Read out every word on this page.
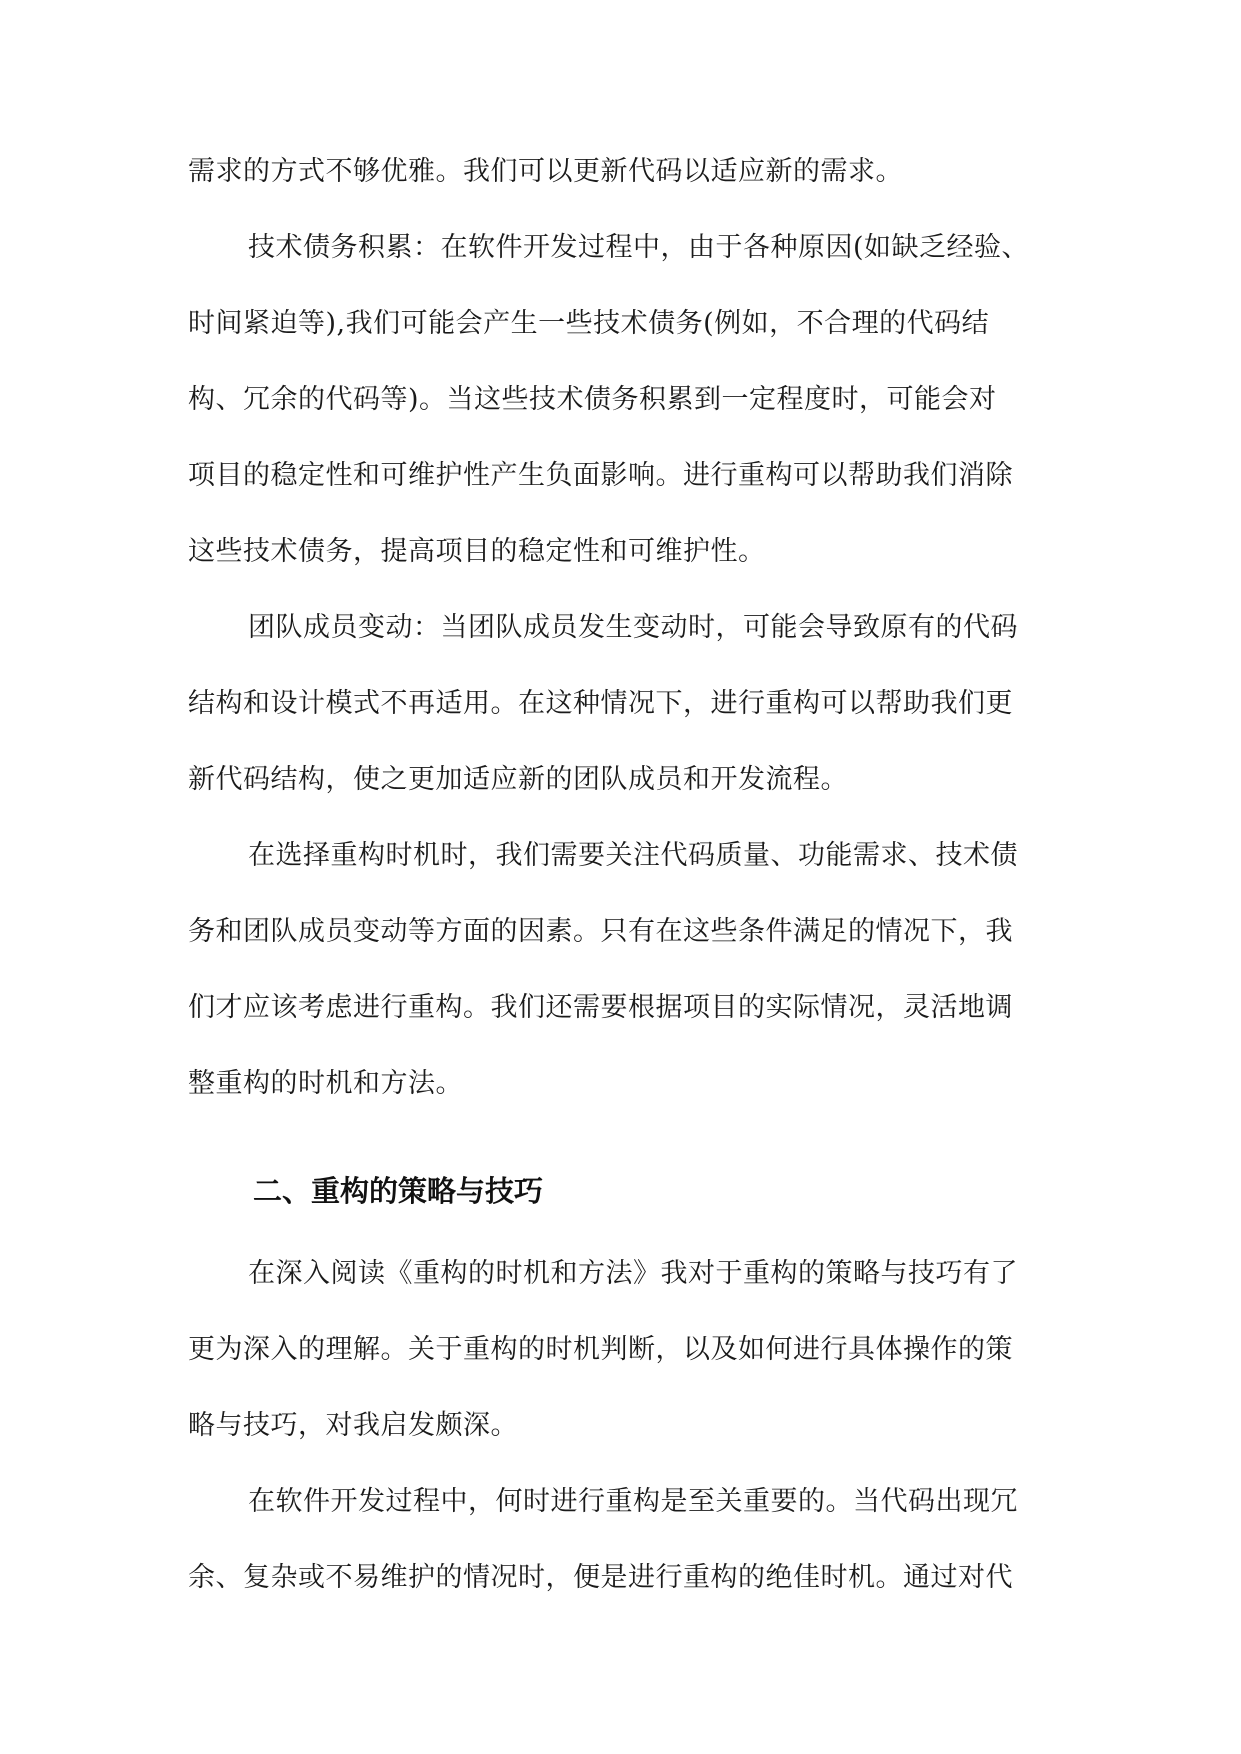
需求的方式不够优雅。我们可以更新代码以适应新的需求。
技术债务积累：在软件开发过程中，由于各种原因(如缺乏经验、
时间紧迫等),我们可能会产生一些技术债务(例如，不合理的代码结
构、冗余的代码等)。当这些技术债务积累到一定程度时，可能会对
项目的稳定性和可维护性产生负面影响。进行重构可以帮助我们消除
这些技术债务，提高项目的稳定性和可维护性。
团队成员变动：当团队成员发生变动时，可能会导致原有的代码
结构和设计模式不再适用。在这种情况下，进行重构可以帮助我们更
新代码结构，使之更加适应新的团队成员和开发流程。
在选择重构时机时，我们需要关注代码质量、功能需求、技术债
务和团队成员变动等方面的因素。只有在这些条件满足的情况下，我
们才应该考虑进行重构。我们还需要根据项目的实际情况，灵活地调
整重构的时机和方法。
二、重构的策略与技巧
在深入阅读《重构的时机和方法》我对于重构的策略与技巧有了
更为深入的理解。关于重构的时机判断，以及如何进行具体操作的策
略与技巧，对我启发颇深。
在软件开发过程中，何时进行重构是至关重要的。当代码出现冗
余、复杂或不易维护的情况时，便是进行重构的绝佳时机。通过对代
